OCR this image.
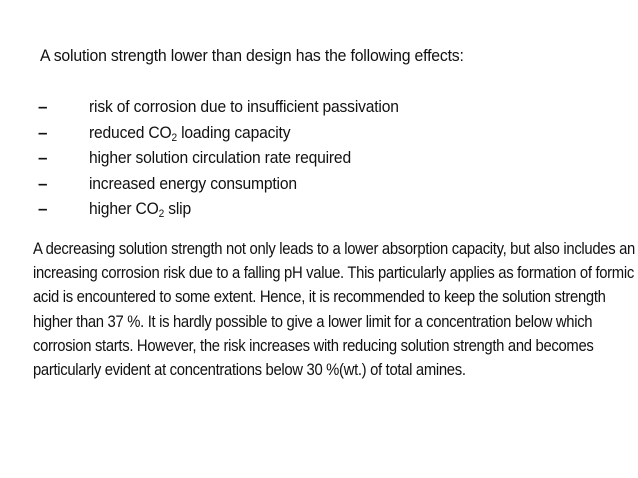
A solution strength lower than design has the following effects:
– risk of corrosion due to insufficient passivation
– reduced $CO_2$ loading capacity
– higher solution circulation rate required
– increased energy consumption
– higher $CO_2$ slip

A decreasing solution strength not only leads to a lower absorption capacity, but also includes an
increasing corrosion risk due to a falling pH value. This particularly applies as formation of formic
acid is encountered to some extent. Hence, it is recommended to keep the solution strength
higher than 37 %. It is hardly possible to give a lower limit for a concentration below which
corrosion starts. However, the risk increases with reducing solution strength and becomes
particularly evident at concentrations below 30 %(wt.) of total amines.
